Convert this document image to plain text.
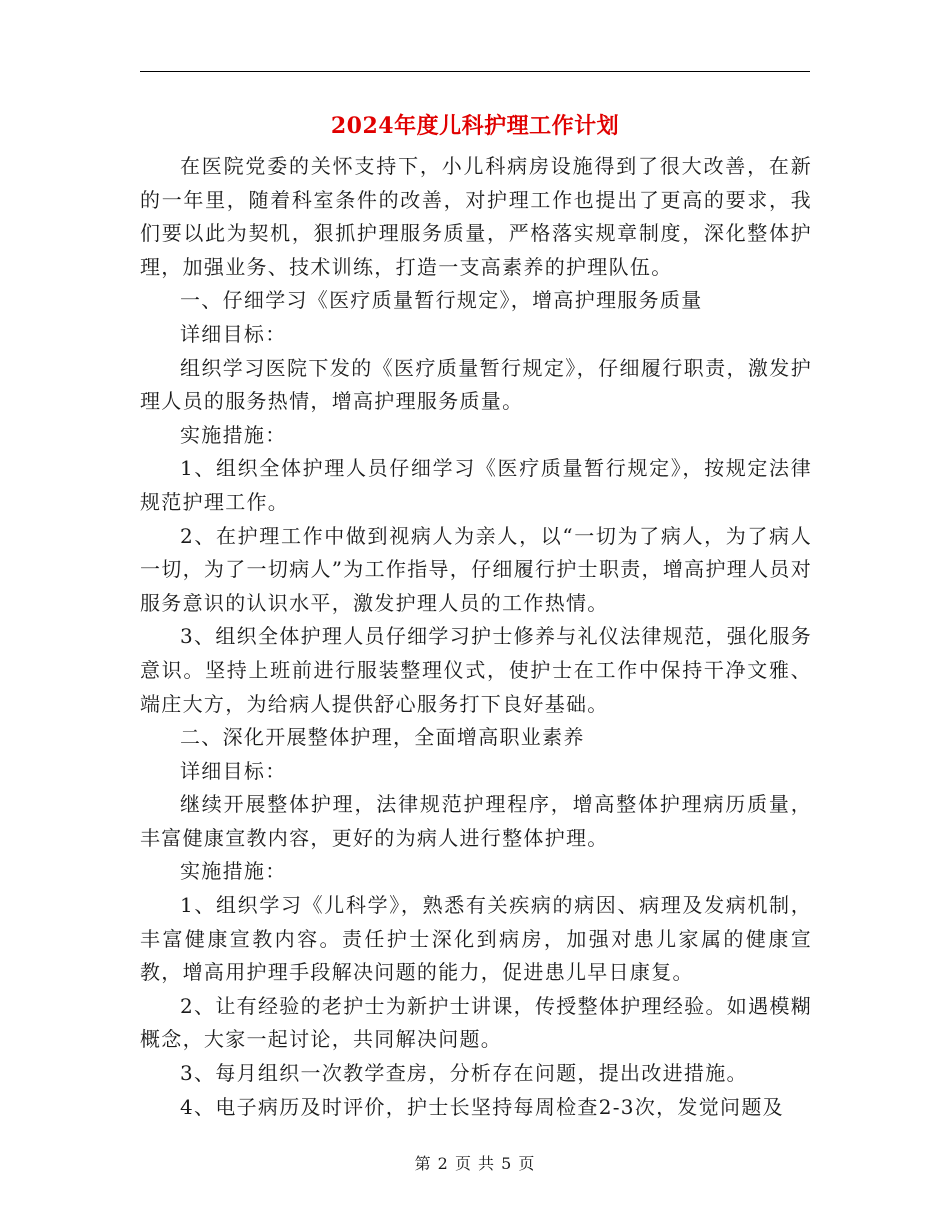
2024年度儿科护理工作计划

在医院党委的关怀支持下，小儿科病房设施得到了很大改善，在新的一年里，随着科室条件的改善，对护理工作也提出了更高的要求，我们要以此为契机，狠抓护理服务质量，严格落实规章制度，深化整体护理，加强业务、技术训练，打造一支高素养的护理队伍。

一、仔细学习《医疗质量暂行规定》，增高护理服务质量

详细目标：

组织学习医院下发的《医疗质量暂行规定》，仔细履行职责，激发护理人员的服务热情，增高护理服务质量。

实施措施：

1、组织全体护理人员仔细学习《医疗质量暂行规定》，按规定法律规范护理工作。

2、在护理工作中做到视病人为亲人，以“一切为了病人，为了病人一切，为了一切病人”为工作指导，仔细履行护士职责，增高护理人员对服务意识的认识水平，激发护理人员的工作热情。

3、组织全体护理人员仔细学习护士修养与礼仪法律规范，强化服务意识。坚持上班前进行服装整理仪式，使护士在工作中保持干净文雅、端庄大方，为给病人提供舒心服务打下良好基础。

二、深化开展整体护理，全面增高职业素养

详细目标：

继续开展整体护理，法律规范护理程序，增高整体护理病历质量，丰富健康宣教内容，更好的为病人进行整体护理。

实施措施：

1、组织学习《儿科学》，熟悉有关疾病的病因、病理及发病机制，丰富健康宣教内容。责任护士深化到病房，加强对患儿家属的健康宣教，增高用护理手段解决问题的能力，促进患儿早日康复。

2、让有经验的老护士为新护士讲课，传授整体护理经验。如遇模糊概念，大家一起讨论，共同解决问题。

3、每月组织一次教学查房，分析存在问题，提出改进措施。

4、电子病历及时评价，护士长坚持每周检查2-3次，发觉问题及

第 2 页 共 5 页
